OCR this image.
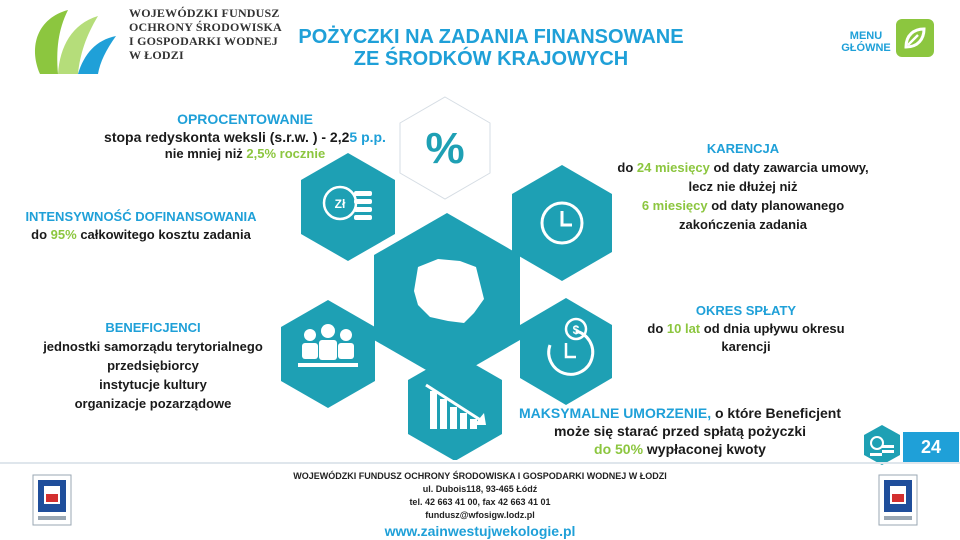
WOJEWÓDZKI FUNDUSZ
OCHRONY ŚRODOWISKA
I GOSPODARKI WODNEJ
W ŁODZI
POŻYCZKI NA ZADANIA FINANSOWANE
ZE ŚRODKÓW KRAJOWYCH
MENU
GŁÓWNE
%
Zł
$
OPROCENTOWANIE
stopa redyskonta weksli (s.r.w. ) - 2,25 p.p.
nie mniej niż 2,5% rocznie
INTENSYWNOŚĆ DOFINANSOWANIA
do 95% całkowitego kosztu zadania
KARENCJA
do 24 miesięcy od daty zawarcia umowy,
lecz nie dłużej niż
6 miesięcy od daty planowanego
zakończenia zadania
BENEFICJENCI
jednostki samorządu terytorialnego
przedsiębiorcy
instytucje kultury
organizacje pozarządowe
OKRES SPŁATY
do 10 lat od dnia upływu okresu
karencji
MAKSYMALNE UMORZENIE, o które Beneficjent
może się starać przed spłatą pożyczki
do 50% wypłaconej kwoty	24
WOJEWÓDZKI FUNDUSZ OCHRONY ŚRODOWISKA I GOSPODARKI WODNEJ W ŁODZI
ul. Dubois118, 93-465 Łódź
tel. 42 663 41 00, fax 42 663 41 01
fundusz@wfosigw.lodz.pl
www.zainwestujwekologie.pl
